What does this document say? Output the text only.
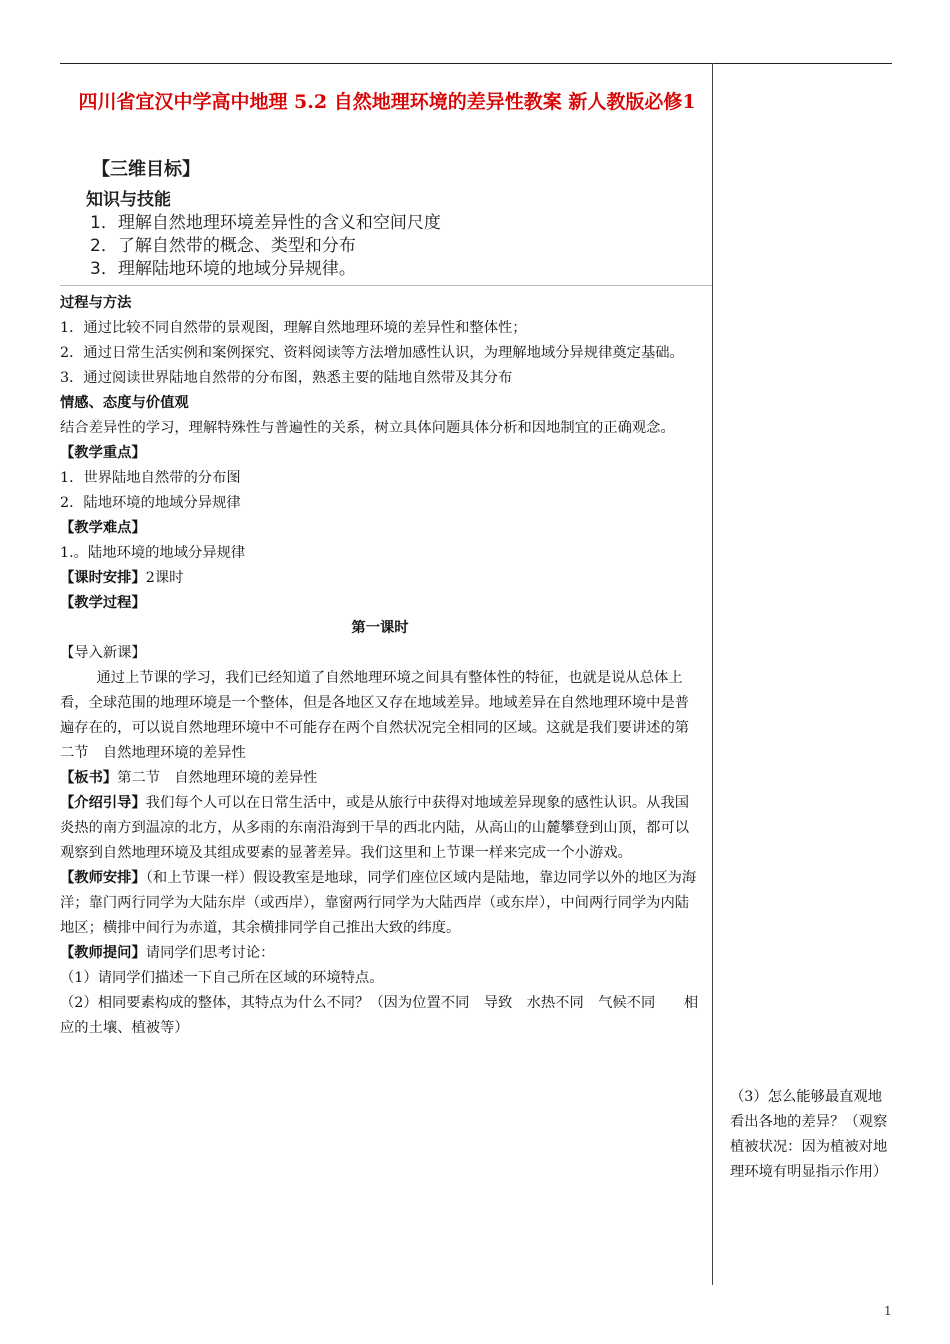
四川省宜汉中学高中地理 5.2 自然地理环境的差异性教案 新人教版必修1
【三维目标】
知识与技能
1．理解自然地理环境差异性的含义和空间尺度
2．了解自然带的概念、类型和分布
3．理解陆地环境的地域分异规律。

过程与方法

1．通过比较不同自然带的景观图，理解自然地理环境的差异性和整体性；

2．通过日常生活实例和案例探究、资料阅读等方法增加感性认识，为理解地域分异规律奠定基础。

3．通过阅读世界陆地自然带的分布图，熟悉主要的陆地自然带及其分布

情感、态度与价值观

结合差异性的学习，理解特殊性与普遍性的关系，树立具体问题具体分析和因地制宜的正确观念。

【教学重点】

1．世界陆地自然带的分布图

2．陆地环境的地域分异规律

【教学难点】

1.。陆地环境的地域分异规律

【课时安排】2课时

【教学过程】

第一课时

【导入新课】

通过上节课的学习，我们已经知道了自然地理环境之间具有整体性的特征，也就是说从总体上看，全球范围的地理环境是一个整体，但是各地区又存在地域差异。地域差异在自然地理环境中是普遍存在的，可以说自然地理环境中不可能存在两个自然状况完全相同的区域。这就是我们要讲述的第二节　自然地理环境的差异性

【板书】第二节　自然地理环境的差异性

【介绍引导】我们每个人可以在日常生活中，或是从旅行中获得对地域差异现象的感性认识。从我国炎热的南方到温凉的北方，从多雨的东南沿海到干旱的西北内陆，从高山的山麓攀登到山顶，都可以观察到自然地理环境及其组成要素的显著差异。我们这里和上节课一样来完成一个小游戏。

【教师安排】（和上节课一样）假设教室是地球，同学们座位区域内是陆地，靠边同学以外的地区为海洋；靠门两行同学为大陆东岸（或西岸），靠窗两行同学为大陆西岸（或东岸），中间两行同学为内陆地区；横排中间行为赤道，其余横排同学自己推出大致的纬度。

【教师提问】请同学们思考讨论：

（1）请同学们描述一下自己所在区域的环境特点。

（2）相同要素构成的整体，其特点为什么不同？（因为位置不同　导致　水热不同　气候不同　　相应的土壤、植被等）

（3）怎么能够最直观地看出各地的差异？（观察植被状况：因为植被对地理环境有明显指示作用）

1
